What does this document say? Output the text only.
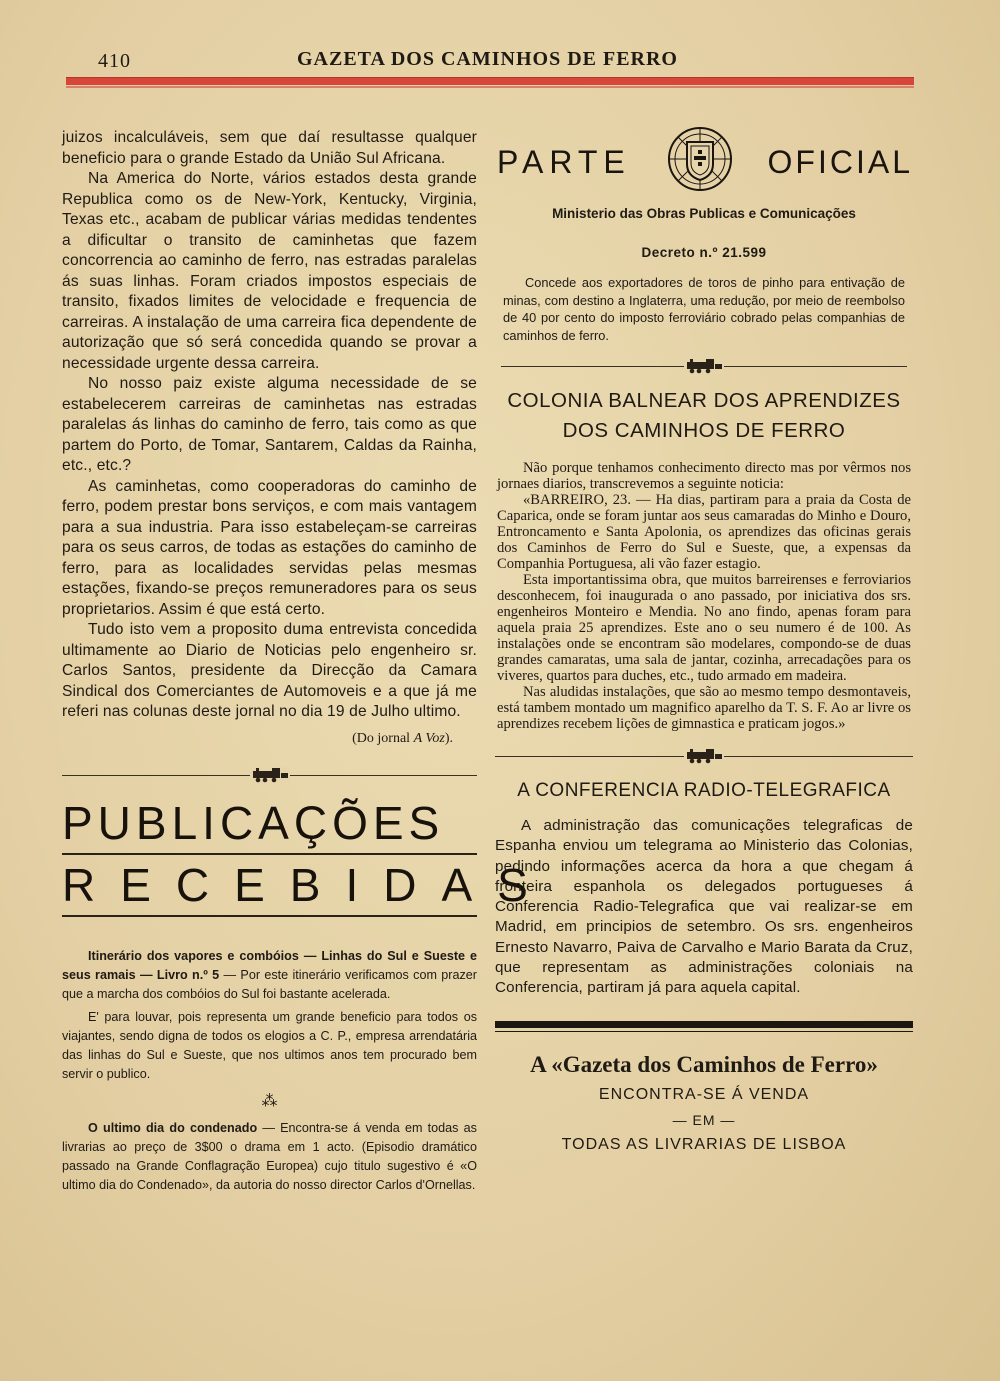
410	GAZETA DOS CAMINHOS DE FERRO

juizos incalculáveis, sem que daí resultasse qualquer beneficio para o grande Estado da União Sul Africana.

Na America do Norte, vários estados desta grande Republica como os de New-York, Kentucky, Virginia, Texas etc., acabam de publicar várias medidas tendentes a dificultar o transito de caminhetas que fazem concorrencia ao caminho de ferro, nas estradas paralelas ás suas linhas. Foram criados impostos especiais de transito, fixados limites de velocidade e frequencia de carreiras. A instalação de uma carreira fica dependente de autorização que só será concedida quando se provar a necessidade urgente dessa carreira.

No nosso paiz existe alguma necessidade de se estabelecerem carreiras de caminhetas nas estradas paralelas ás linhas do caminho de ferro, tais como as que partem do Porto, de Tomar, Santarem, Caldas da Rainha, etc., etc.?

As caminhetas, como cooperadoras do caminho de ferro, podem prestar bons serviços, e com mais vantagem para a sua industria. Para isso estabeleçam-se carreiras para os seus carros, de todas as estações do caminho de ferro, para as localidades servidas pelas mesmas estações, fixando-se preços remuneradores para os seus proprietarios. Assim é que está certo.

Tudo isto vem a proposito duma entrevista concedida ultimamente ao Diario de Noticias pelo engenheiro sr. Carlos Santos, presidente da Direcção da Camara Sindical dos Comerciantes de Automoveis e a que já me referi nas colunas deste jornal no dia 19 de Julho ultimo.

(Do jornal A Voz).
PUBLICAÇÕES
RECEBIDAS

Itinerário dos vapores e combóios — Linhas do Sul e Sueste e seus ramais — Livro n.º 5 — Por este itinerário verificamos com prazer que a marcha dos combóios do Sul foi bastante acelerada.

E' para louvar, pois representa um grande beneficio para todos os viajantes, sendo digna de todos os elogios a C. P., empresa arrendatária das linhas do Sul e Sueste, que nos ultimos anos tem procurado bem servir o publico.

⁂

O ultimo dia do condenado — Encontra-se á venda em todas as livrarias ao preço de 3$00 o drama em 1 acto. (Episodio dramático passado na Grande Conflagração Europea) cujo titulo sugestivo é «O ultimo dia do Condenado», da autoria do nosso director Carlos d'Ornellas.

PARTE	OFICIAL
Ministerio das Obras Publicas e Comunicações
Decreto n.º 21.599

Concede aos exportadores de toros de pinho para entivação de minas, com destino a Inglaterra, uma redução, por meio de reembolso de 40 por cento do imposto ferroviário cobrado pelas companhias de caminhos de ferro.

COLONIA BALNEAR DOS APRENDIZES
DOS CAMINHOS DE FERRO

Não porque tenhamos conhecimento directo mas por vêrmos nos jornaes diarios, transcrevemos a seguinte noticia:

«BARREIRO, 23. — Ha dias, partiram para a praia da Costa de Caparica, onde se foram juntar aos seus camaradas do Minho e Douro, Entroncamento e Santa Apolonia, os aprendizes das oficinas gerais dos Caminhos de Ferro do Sul e Sueste, que, a expensas da Companhia Portuguesa, ali vão fazer estagio.

Esta importantissima obra, que muitos barreirenses e ferroviarios desconhecem, foi inaugurada o ano passado, por iniciativa dos srs. engenheiros Monteiro e Mendia. No ano findo, apenas foram para aquela praia 25 aprendizes. Este ano o seu numero é de 100. As instalações onde se encontram são modelares, compondo-se de duas grandes camaratas, uma sala de jantar, cozinha, arrecadações para os viveres, quartos para duches, etc., tudo armado em madeira.

Nas aludidas instalações, que são ao mesmo tempo desmontaveis, está tambem montado um magnifico aparelho da T. S. F. Ao ar livre os aprendizes recebem lições de gimnastica e praticam jogos.»

A CONFERENCIA RADIO-TELEGRAFICA

A administração das comunicações telegraficas de Espanha enviou um telegrama ao Ministerio das Colonias, pedindo informações acerca da hora a que chegam á fronteira espanhola os delegados portugueses á Conferencia Radio-Telegrafica que vai realizar-se em Madrid, em principios de setembro. Os srs. engenheiros Ernesto Navarro, Paiva de Carvalho e Mario Barata da Cruz, que representam as administrações coloniais na Conferencia, partiram já para aquela capital.

A «Gazeta dos Caminhos de Ferro»
ENCONTRA-SE Á VENDA
— EM —
TODAS AS LIVRARIAS DE LISBOA
